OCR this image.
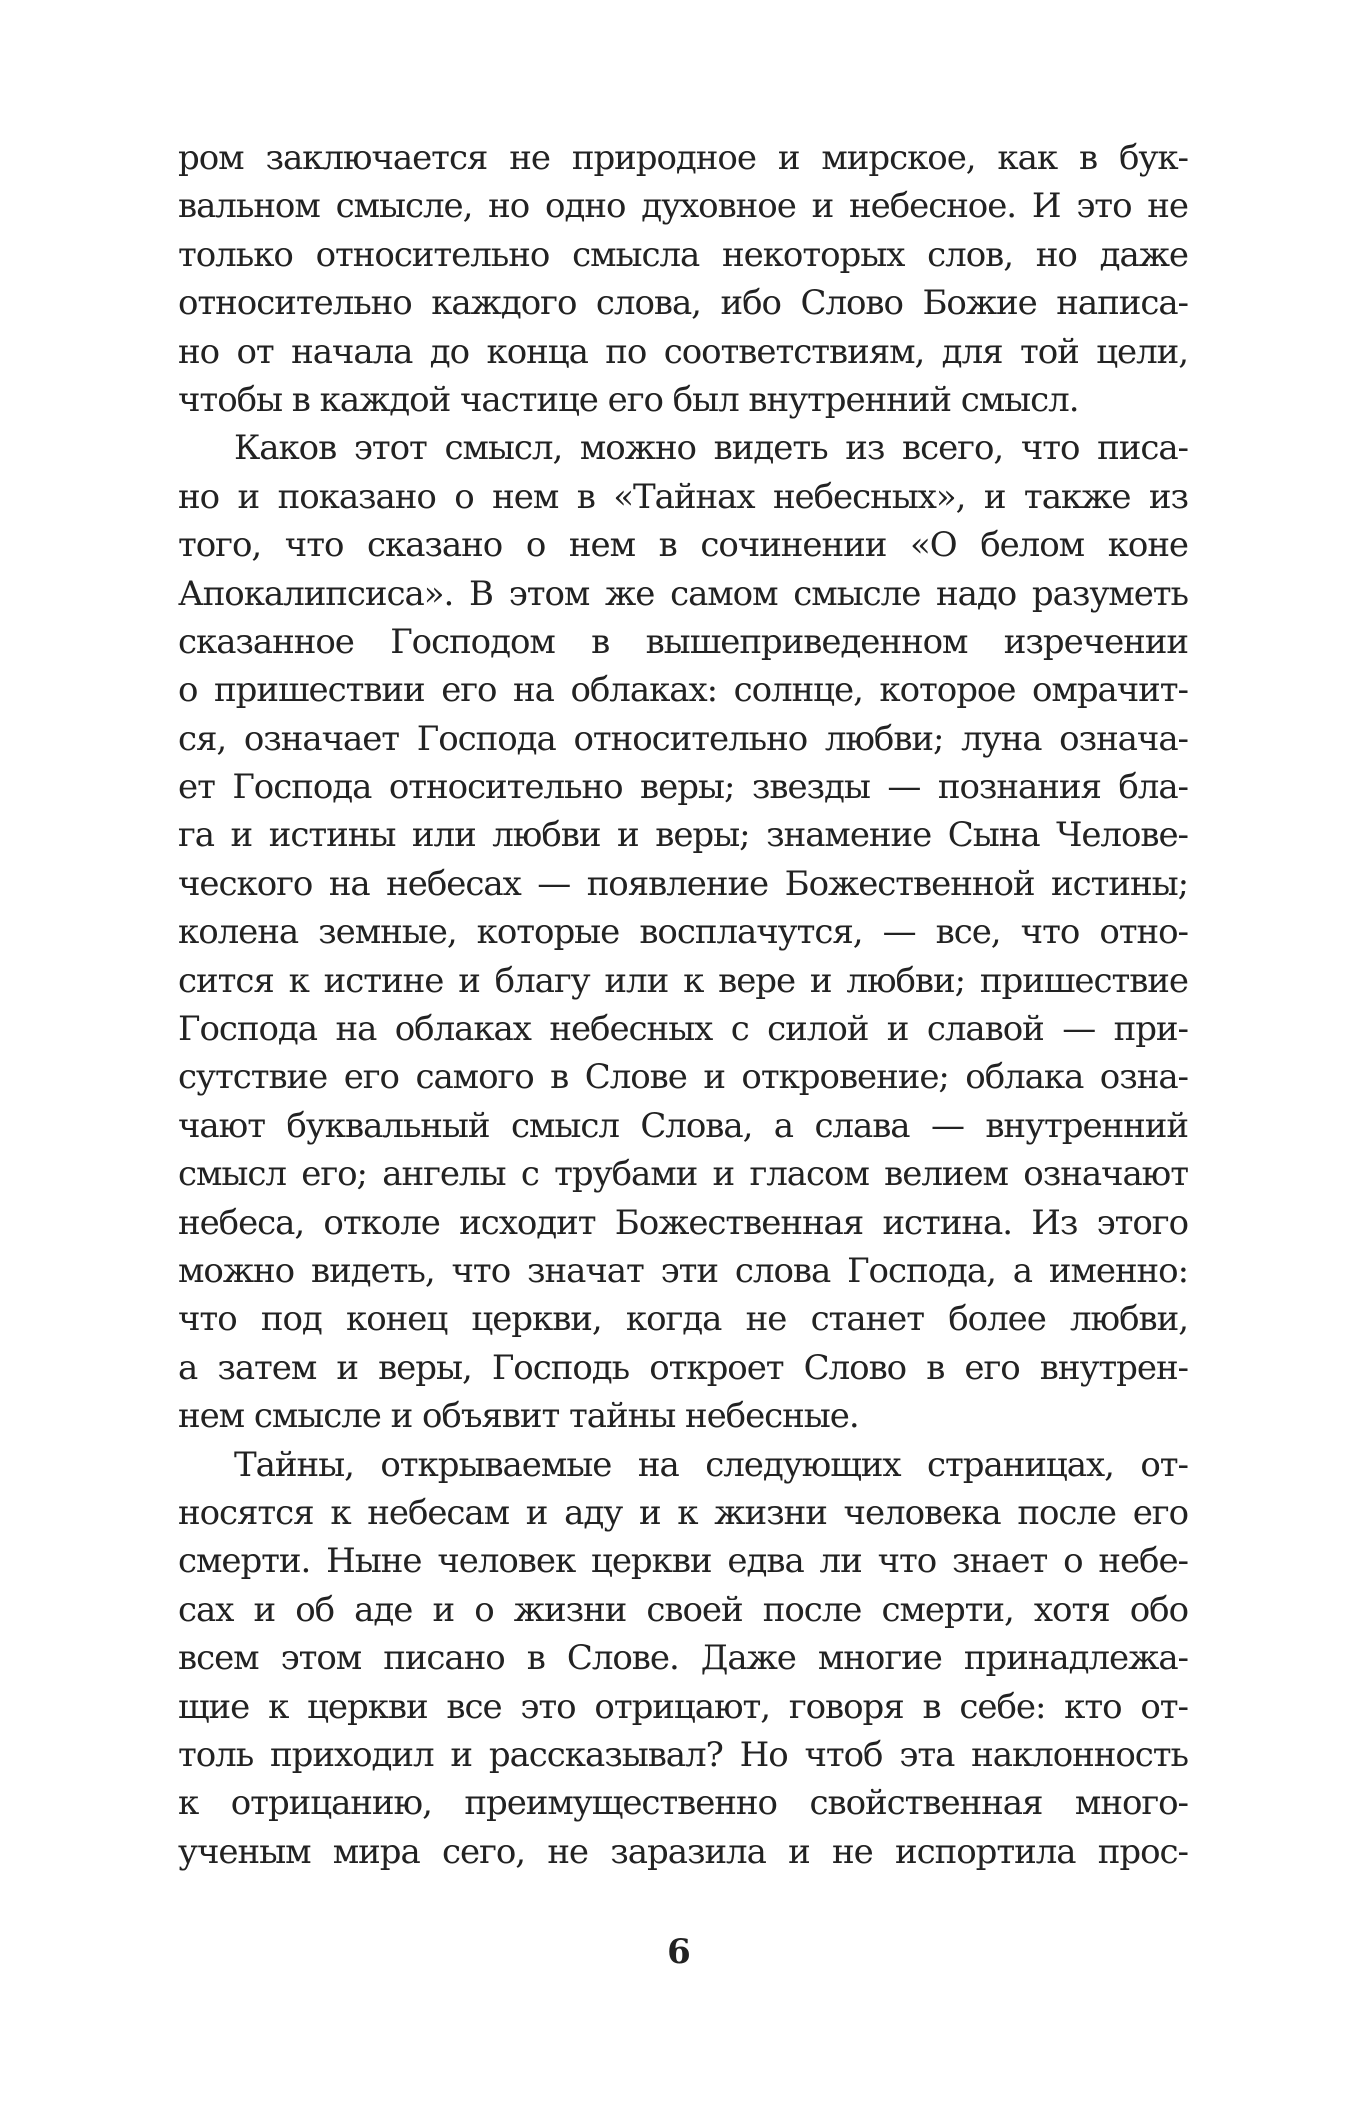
ром заключается не природное и мирское, как в бук-
вальном смысле, но одно духовное и небесное. И это не
только относительно смысла некоторых слов, но даже
относительно каждого слова, ибо Слово Божие написа-
но от начала до конца по соответствиям, для той цели,
чтобы в каждой частице его был внутренний смысл.
Каков этот смысл, можно видеть из всего, что писа-
но и показано о нем в «Тайнах небесных», и также из
того, что сказано о нем в сочинении «О белом коне
Апокалипсиса». В этом же самом смысле надо разуметь
сказанное Господом в вышеприведенном изречении
о пришествии его на облаках: солнце, которое омрачит-
ся, означает Господа относительно любви; луна означа-
ет Господа относительно веры; звезды — познания бла-
га и истины или любви и веры; знамение Сына Челове-
ческого на небесах — появление Божественной истины;
колена земные, которые восплачутся, — все, что отно-
сится к истине и благу или к вере и любви; пришествие
Господа на облаках небесных с силой и славой — при-
сутствие его самого в Слове и откровение; облака озна-
чают буквальный смысл Слова, а слава — внутренний
смысл его; ангелы с трубами и гласом велием означают
небеса, отколе исходит Божественная истина. Из этого
можно видеть, что значат эти слова Господа, а именно:
что под конец церкви, когда не станет более любви,
а затем и веры, Господь откроет Слово в его внутрен-
нем смысле и объявит тайны небесные.
Тайны, открываемые на следующих страницах, от-
носятся к небесам и аду и к жизни человека после его
смерти. Ныне человек церкви едва ли что знает о небе-
сах и об аде и о жизни своей после смерти, хотя обо
всем этом писано в Слове. Даже многие принадлежа-
щие к церкви все это отрицают, говоря в себе: кто от-
толь приходил и рассказывал? Но чтоб эта наклонность
к отрицанию, преимущественно свойственная много-
ученым мира сего, не заразила и не испортила прос-
6
